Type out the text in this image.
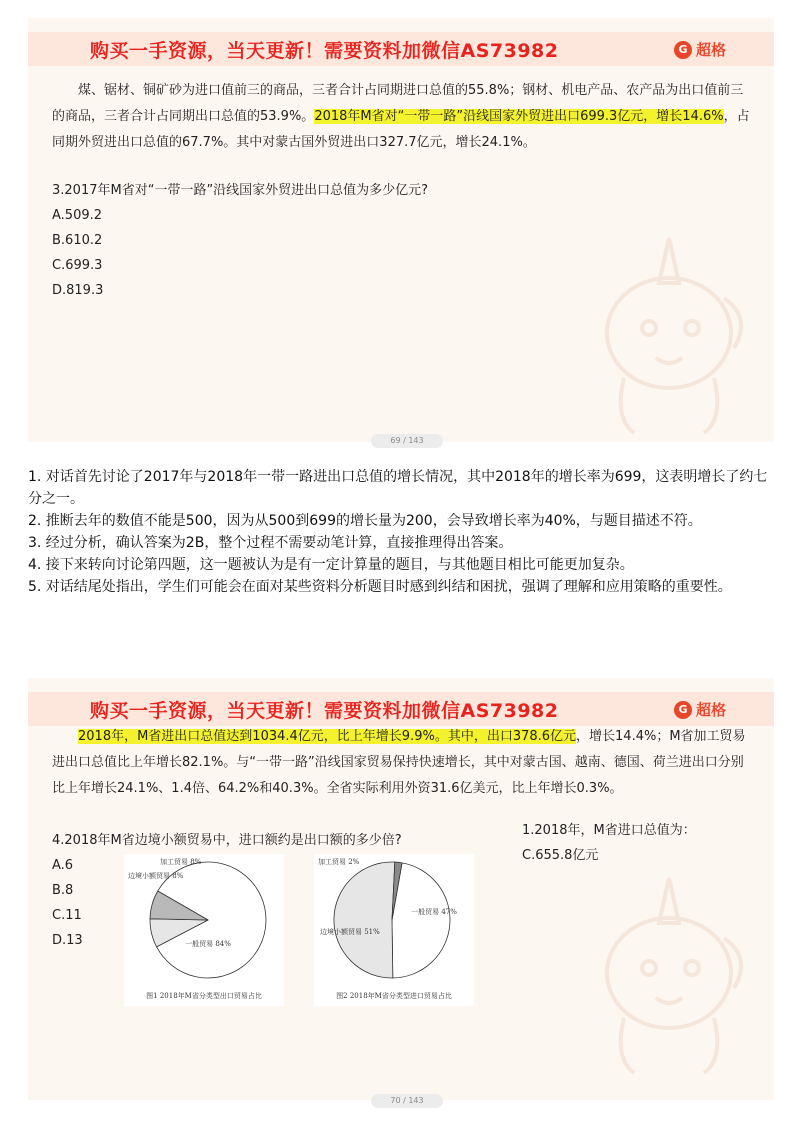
购买一手资源，当天更新！需要资料加微信AS73982	G 超格

煤、锯材、铜矿砂为进口值前三的商品，三者合计占同期进口总值的55.8%；钢材、机电产品、农产品为出口值前三的商品，三者合计占同期出口总值的53.9%。2018年M省对“一带一路”沿线国家外贸进出口699.3亿元，增长14.6%，占同期外贸进出口总值的67.7%。其中对蒙古国外贸进出口327.7亿元，增长24.1%。

3.2017年M省对“一带一路”沿线国家外贸进出口总值为多少亿元?
A.509.2
B.610.2
C.699.3
D.819.3
69 / 143

1. 对话首先讨论了2017年与2018年一带一路进出口总值的增长情况，其中2018年的增长率为699，这表明增长了约七分之一。

2. 推断去年的数值不能是500，因为从500到699的增长量为200，会导致增长率为40%，与题目描述不符。

3. 经过分析，确认答案为2B，整个过程不需要动笔计算，直接推理得出答案。

4. 接下来转向讨论第四题，这一题被认为是有一定计算量的题目，与其他题目相比可能更加复杂。

5. 对话结尾处指出，学生们可能会在面对某些资料分析题目时感到纠结和困扰，强调了理解和应用策略的重要性。

购买一手资源，当天更新！需要资料加微信AS73982	G 超格

2018年，M省进出口总值达到1034.4亿元，比上年增长9.9%。其中，出口378.6亿元，增长14.4%；M省加工贸易进出口总值比上年增长82.1%。与“一带一路”沿线国家贸易保持快速增长，其中对蒙古国、越南、德国、荷兰进出口分别比上年增长24.1%、1.4倍、64.2%和40.3%。全省实际利用外资31.6亿美元，比上年增长0.3%。

4.2018年M省边境小额贸易中，进口额约是出口额的多少倍?
A.6
B.8
C.11
D.13
1.2018年，M省进口总值为：
C.655.8亿元
一般贸易 84%
边境小额贸易 8%
加工贸易 8%
图1 2018年M省分类型出口贸易占比
一般贸易 47%
边境小额贸易 51%
加工贸易 2%
图2 2018年M省分类型进口贸易占比
70 / 143
